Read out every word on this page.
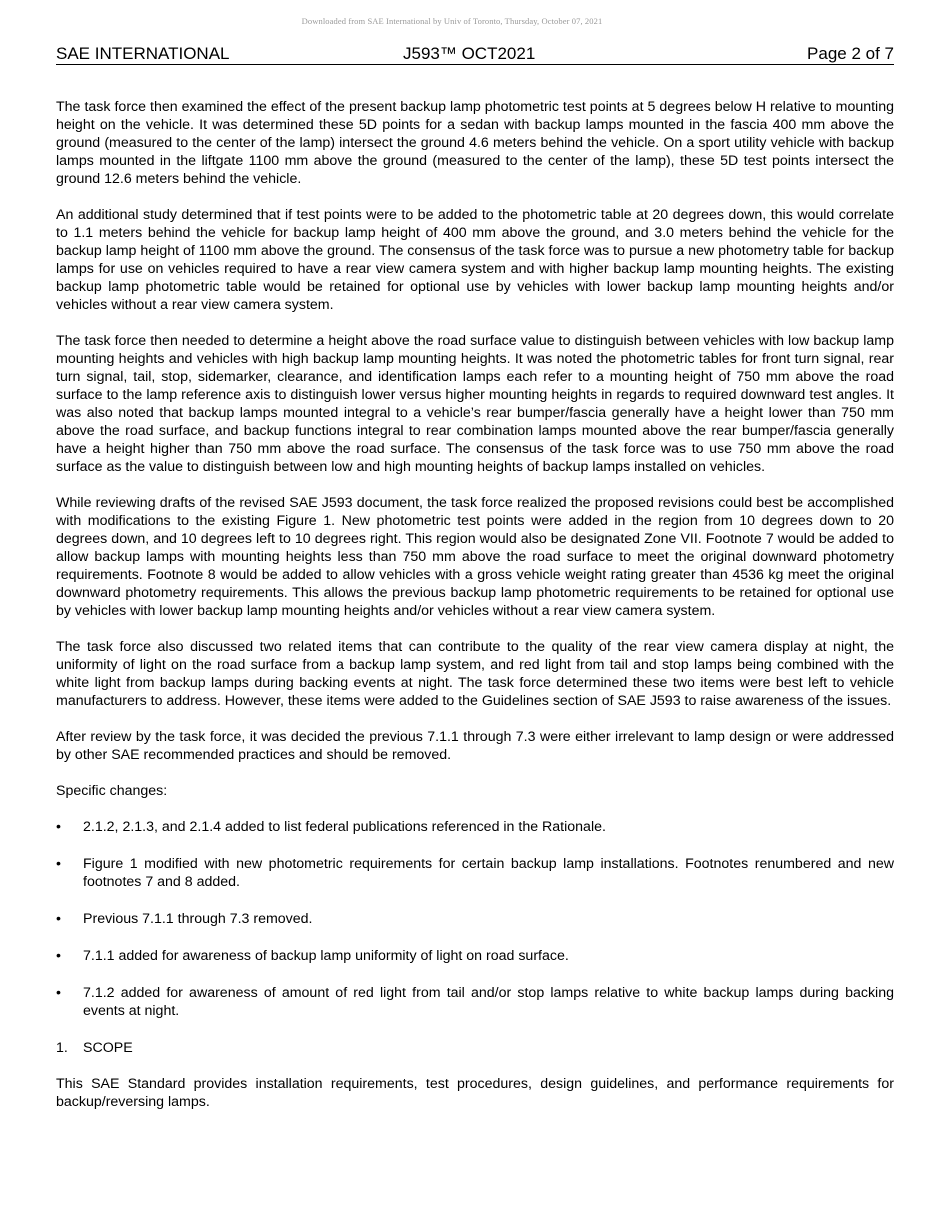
Downloaded from SAE International by Univ of Toronto, Thursday, October 07, 2021
SAE INTERNATIONAL	J593™ OCT2021	Page 2 of 7

The task force then examined the effect of the present backup lamp photometric test points at 5 degrees below H relative to mounting height on the vehicle. It was determined these 5D points for a sedan with backup lamps mounted in the fascia 400 mm above the ground (measured to the center of the lamp) intersect the ground 4.6 meters behind the vehicle. On a sport utility vehicle with backup lamps mounted in the liftgate 1100 mm above the ground (measured to the center of the lamp), these 5D test points intersect the ground 12.6 meters behind the vehicle.

An additional study determined that if test points were to be added to the photometric table at 20 degrees down, this would correlate to 1.1 meters behind the vehicle for backup lamp height of 400 mm above the ground, and 3.0 meters behind the vehicle for the backup lamp height of 1100 mm above the ground. The consensus of the task force was to pursue a new photometry table for backup lamps for use on vehicles required to have a rear view camera system and with higher backup lamp mounting heights. The existing backup lamp photometric table would be retained for optional use by vehicles with lower backup lamp mounting heights and/or vehicles without a rear view camera system.

The task force then needed to determine a height above the road surface value to distinguish between vehicles with low backup lamp mounting heights and vehicles with high backup lamp mounting heights. It was noted the photometric tables for front turn signal, rear turn signal, tail, stop, sidemarker, clearance, and identification lamps each refer to a mounting height of 750 mm above the road surface to the lamp reference axis to distinguish lower versus higher mounting heights in regards to required downward test angles. It was also noted that backup lamps mounted integral to a vehicle’s rear bumper/fascia generally have a height lower than 750 mm above the road surface, and backup functions integral to rear combination lamps mounted above the rear bumper/fascia generally have a height higher than 750 mm above the road surface. The consensus of the task force was to use 750 mm above the road surface as the value to distinguish between low and high mounting heights of backup lamps installed on vehicles.

While reviewing drafts of the revised SAE J593 document, the task force realized the proposed revisions could best be accomplished with modifications to the existing Figure 1. New photometric test points were added in the region from 10 degrees down to 20 degrees down, and 10 degrees left to 10 degrees right. This region would also be designated Zone VII. Footnote 7 would be added to allow backup lamps with mounting heights less than 750 mm above the road surface to meet the original downward photometry requirements. Footnote 8 would be added to allow vehicles with a gross vehicle weight rating greater than 4536 kg meet the original downward photometry requirements. This allows the previous backup lamp photometric requirements to be retained for optional use by vehicles with lower backup lamp mounting heights and/or vehicles without a rear view camera system.

The task force also discussed two related items that can contribute to the quality of the rear view camera display at night, the uniformity of light on the road surface from a backup lamp system, and red light from tail and stop lamps being combined with the white light from backup lamps during backing events at night. The task force determined these two items were best left to vehicle manufacturers to address. However, these items were added to the Guidelines section of SAE J593 to raise awareness of the issues.

After review by the task force, it was decided the previous 7.1.1 through 7.3 were either irrelevant to lamp design or were addressed by other SAE recommended practices and should be removed.

Specific changes:

•	2.1.2, 2.1.3, and 2.1.4 added to list federal publications referenced in the Rationale.
•	Figure 1 modified with new photometric requirements for certain backup lamp installations. Footnotes renumbered and new footnotes 7 and 8 added.
•	Previous 7.1.1 through 7.3 removed.
•	7.1.1 added for awareness of backup lamp uniformity of light on road surface.
•	7.1.2 added for awareness of amount of red light from tail and/or stop lamps relative to white backup lamps during backing events at night.
1. SCOPE

This SAE Standard provides installation requirements, test procedures, design guidelines, and performance requirements for backup/reversing lamps.
